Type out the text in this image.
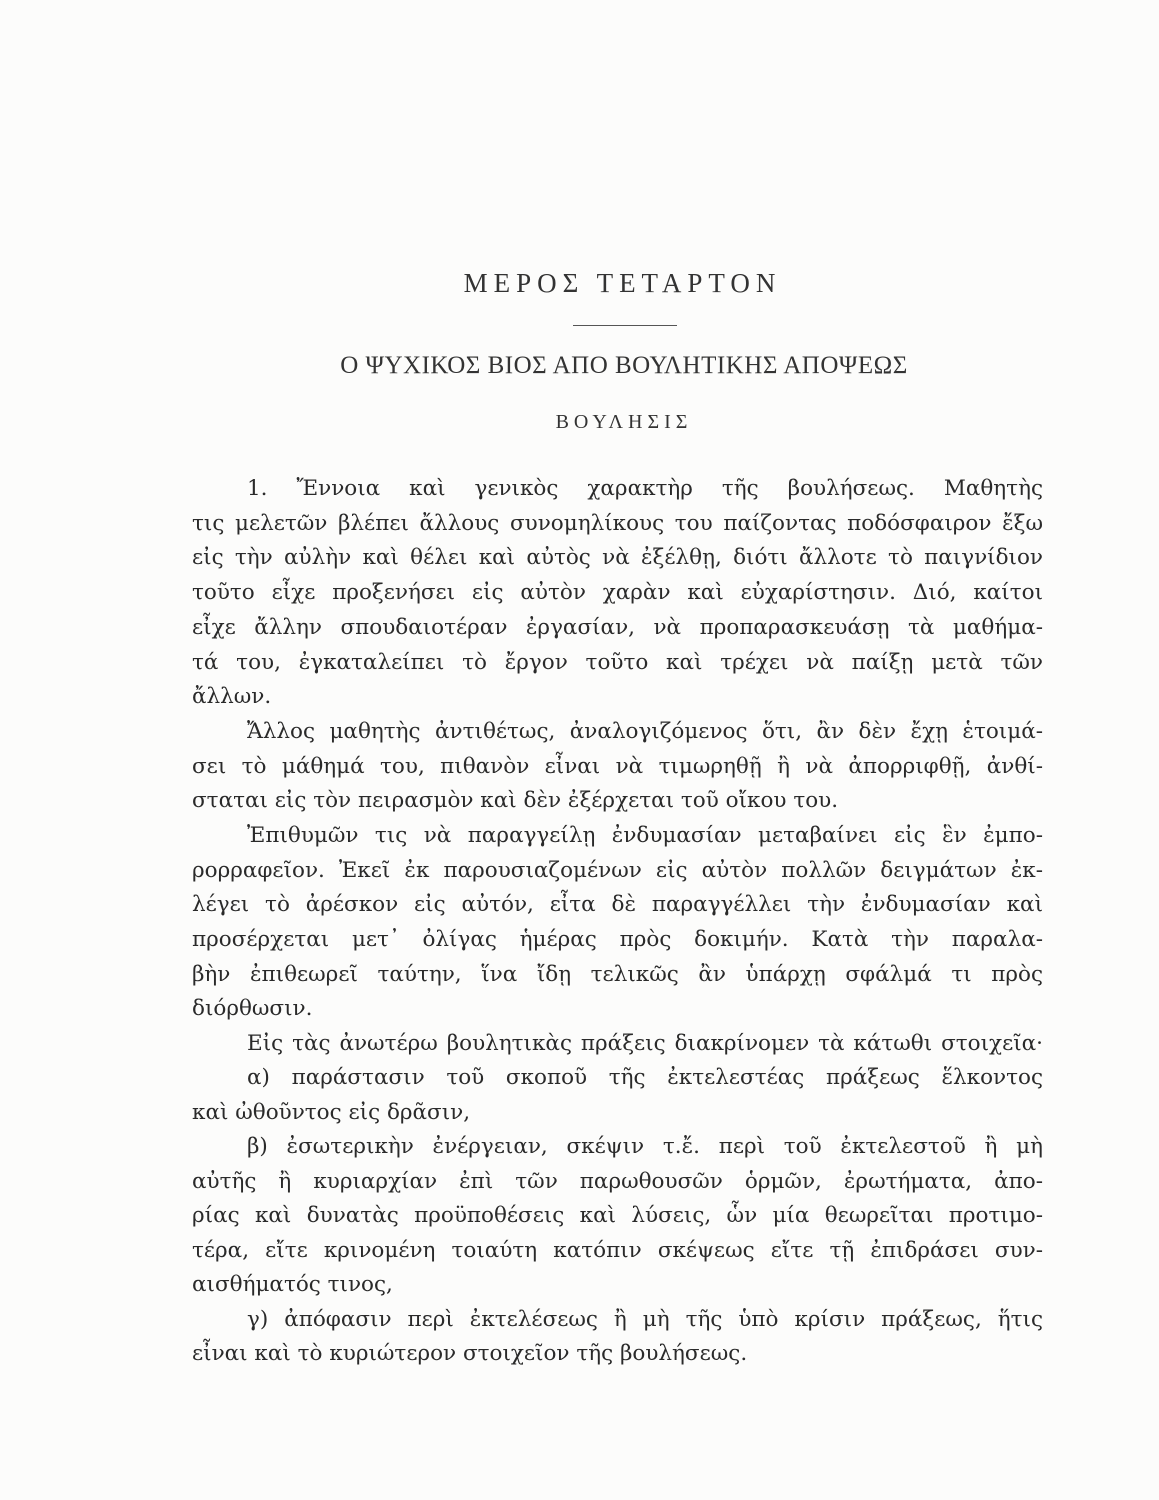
ΜΕΡΟΣ ΤΕΤΑΡΤΟΝ
Ο ΨΥΧΙΚΟΣ ΒΙΟΣ ΑΠΟ ΒΟΥΛΗΤΙΚΗΣ ΑΠΟΨΕΩΣ
ΒΟΥΛΗΣΙΣ
1. Ἔννοια καὶ γενικὸς χαρακτὴρ τῆς βουλήσεως. Μαθητὴς
τις μελετῶν βλέπει ἄλλους συνομηλίκους του παίζοντας ποδόσφαιρον ἔξω
εἰς τὴν αὐλὴν καὶ θέλει καὶ αὐτὸς νὰ ἐξέλθῃ, διότι ἄλλοτε τὸ παιγνίδιον
τοῦτο εἶχε προξενήσει εἰς αὐτὸν χαρὰν καὶ εὐχαρίστησιν. Διό, καίτοι
εἶχε ἄλλην σπουδαιοτέραν ἐργασίαν, νὰ προπαρασκευάσῃ τὰ μαθήμα-
τά του, ἐγκαταλείπει τὸ ἔργον τοῦτο καὶ τρέχει νὰ παίξῃ μετὰ τῶν
ἄλλων.
Ἄλλος μαθητὴς ἀντιθέτως, ἀναλογιζόμενος ὅτι, ἂν δὲν ἔχῃ ἑτοιμά-
σει τὸ μάθημά του, πιθανὸν εἶναι νὰ τιμωρηθῇ ἢ νὰ ἀπορριφθῇ, ἀνθί-
σταται εἰς τὸν πειρασμὸν καὶ δὲν ἐξέρχεται τοῦ οἴκου του.
Ἐπιθυμῶν τις νὰ παραγγείλῃ ἐνδυμασίαν μεταβαίνει εἰς ἓν ἐμπο-
ρορραφεῖον. Ἐκεῖ ἐκ παρουσιαζομένων εἰς αὐτὸν πολλῶν δειγμάτων ἐκ-
λέγει τὸ ἀρέσκον εἰς αὐτόν, εἶτα δὲ παραγγέλλει τὴν ἐνδυμασίαν καὶ
προσέρχεται μετ᾽ ὀλίγας ἡμέρας πρὸς δοκιμήν. Κατὰ τὴν παραλα-
βὴν ἐπιθεωρεῖ ταύτην, ἵνα ἴδῃ τελικῶς ἂν ὑπάρχῃ σφάλμά τι πρὸς
διόρθωσιν.
Εἰς τὰς ἀνωτέρω βουλητικὰς πράξεις διακρίνομεν τὰ κάτωθι στοιχεῖα·
α) παράστασιν τοῦ σκοποῦ τῆς ἐκτελεστέας πράξεως ἕλκοντος
καὶ ὠθοῦντος εἰς δρᾶσιν,
β) ἐσωτερικὴν ἐνέργειαν, σκέψιν τ.ἔ. περὶ τοῦ ἐκτελεστοῦ ἢ μὴ
αὐτῆς ἢ κυριαρχίαν ἐπὶ τῶν παρωθουσῶν ὁρμῶν, ἐρωτήματα, ἀπο-
ρίας καὶ δυνατὰς προϋποθέσεις καὶ λύσεις, ὧν μία θεωρεῖται προτιμο-
τέρα, εἴτε κρινομένη τοιαύτη κατόπιν σκέψεως εἴτε τῇ ἐπιδράσει συν-
αισθήματός τινος,
γ) ἀπόφασιν περὶ ἐκτελέσεως ἢ μὴ τῆς ὑπὸ κρίσιν πράξεως, ἥτις
εἶναι καὶ τὸ κυριώτερον στοιχεῖον τῆς βουλήσεως.
